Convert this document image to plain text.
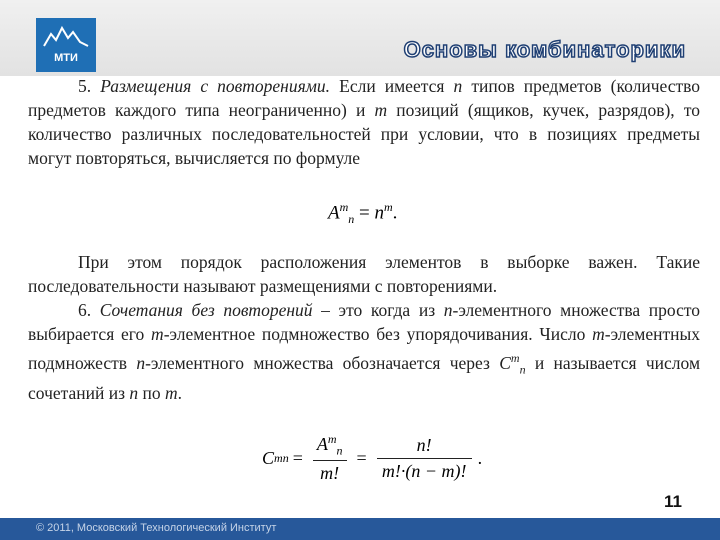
МТИ	Основы комбинаторики

5. Размещения с повторениями. Если имеется n типов предметов (количество предметов каждого типа неограниченно) и m позиций (ящиков, кучек, разрядов), то количество различных последовательностей при условии, что в позициях предметы могут повторяться, вычисляется по формуле

При этом порядок расположения элементов в выборке важен. Такие последовательности называют размещениями с повторениями.

6. Сочетания без повторений – это когда из n-элементного множества просто выбирается его m-элементное подмножество без упорядочивания. Число m-элементных подмножеств n-элементного множества обозначается через $C^m_n$ и называется числом сочетаний из n по m.

$A^m_n = n^m$.
C m $n = \frac{A^m_n}{m!} = \frac{n!}{m!\cdot(n - m)!}$ .
11
© 2011, Московский Технологический Институт
